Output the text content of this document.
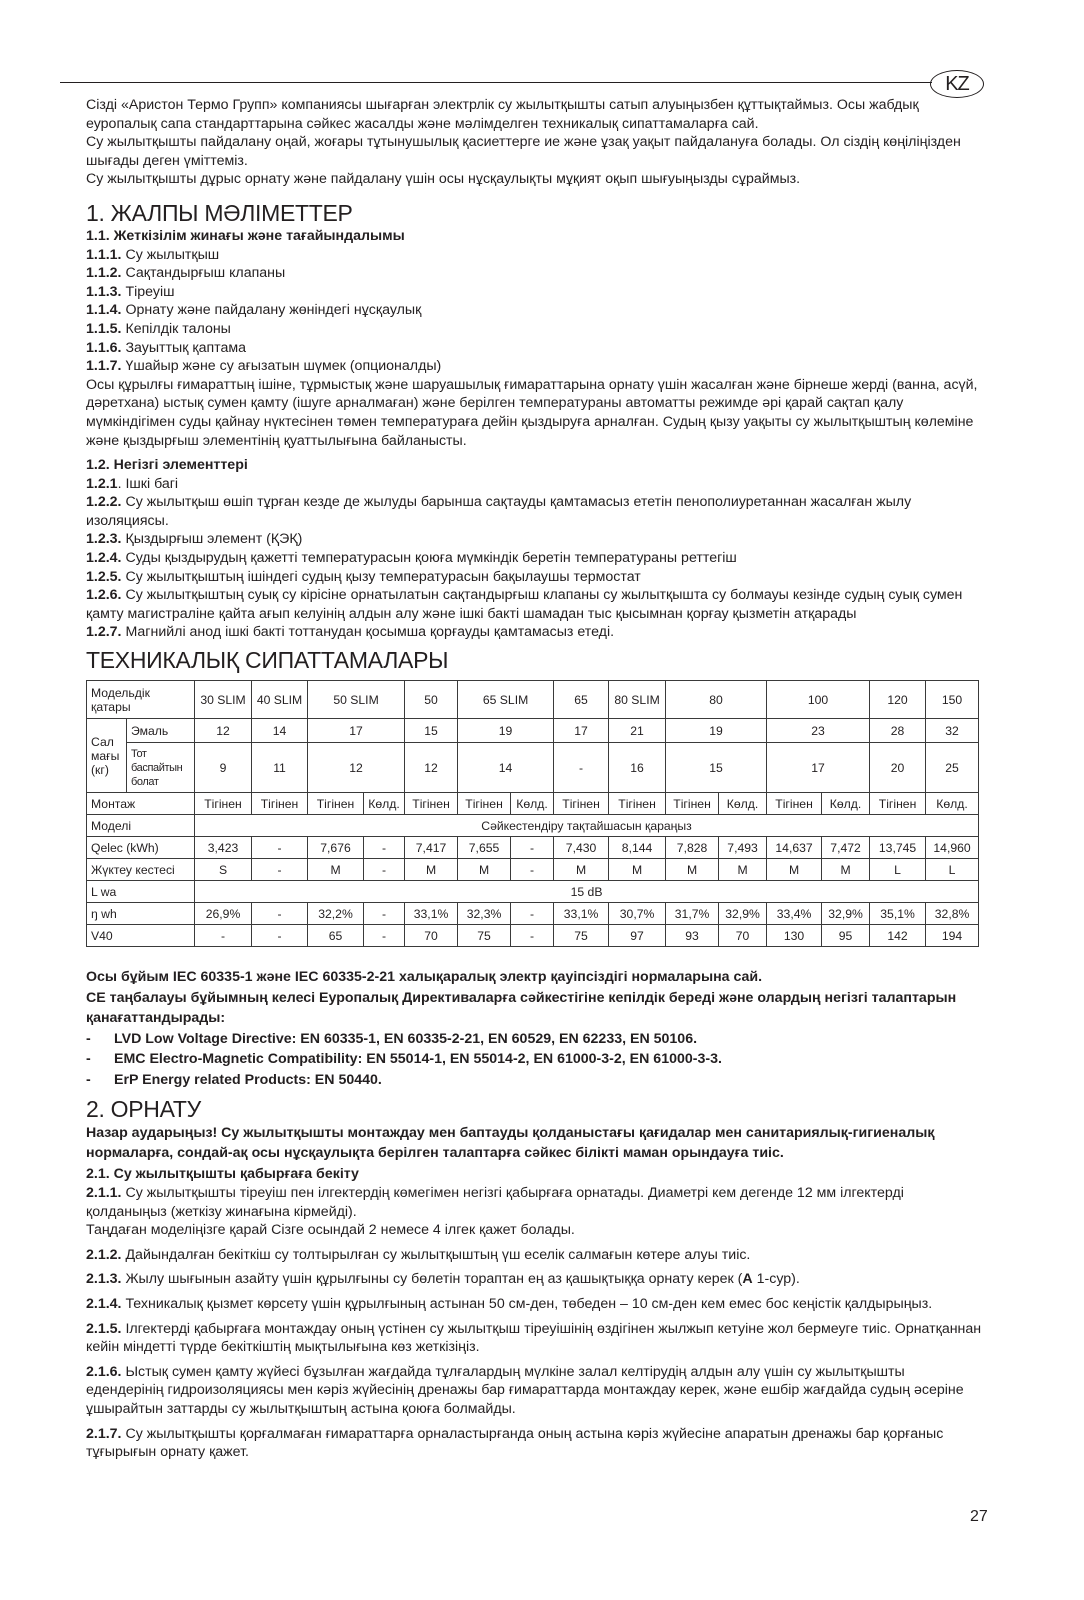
KZ

Сізді «Аристон Термо Групп» компаниясы шығарған электрлік су жылытқышты сатып алуыңызбен құттықтаймыз. Осы жабдық еуропалық сапа стандарттарына сәйкес жасалды және мәлімделген техникалық сипаттамаларға сай.

Су жылытқышты пайдалану оңай, жоғары тұтынушылық қасиеттерге ие және ұзақ уақыт пайдалануға болады. Ол сіздің көңіліңізден шығады деген үміттеміз.

Су жылытқышты дұрыс орнату және пайдалану үшін осы нұсқаулықты мұқият оқып шығуыңызды сұраймыз.

1. ЖАЛПЫ МӘЛІМЕТТЕР

1.1. Жеткізілім жинағы және тағайындалымы

1.1.1. Су жылытқыш

1.1.2. Сақтандырғыш клапаны

1.1.3. Тіреуіш

1.1.4. Орнату және пайдалану жөніндегі нұсқаулық

1.1.5. Кепілдік талоны

1.1.6. Зауыттық қаптама

1.1.7. Үшайыр және су ағызатын шүмек (опционалды)

Осы құрылғы ғимараттың ішіне, тұрмыстық және шаруашылық ғимараттарына орнату үшін жасалған және бірнеше жерді (ванна, асүй, дәретхана) ыстық сумен қамту (ішуге арналмаған) және берілген температураны автоматты режимде әрі қарай сақтап қалу мүмкіндігімен суды қайнау нүктесінен төмен температураға дейін қыздыруға арналған. Судың қызу уақыты су жылытқыштың көлеміне және қыздырғыш элементінің қуаттылығына байланысты.

1.2. Негізгі элементтері

1.2.1. Ішкі багі

1.2.2. Су жылытқыш өшіп тұрған кезде де жылуды барынша сақтауды қамтамасыз ететін пенополиуретаннан жасалған жылу изоляциясы.

1.2.3. Қыздырғыш элемент (ҚЭҚ)

1.2.4. Суды қыздырудың қажетті температурасын қоюға мүмкіндік беретін температураны реттегіш

1.2.5. Су жылытқыштың ішіндегі судың қызу температурасын бақылаушы термостат

1.2.6. Су жылытқыштың суық су кірісіне орнатылатын сақтандырғыш клапаны су жылытқышта су болмауы кезінде судың суық сумен қамту магистраліне қайта ағып келуінің алдын алу және ішкі бакті шамадан тыс қысымнан қорғау қызметін атқарады

1.2.7. Магнийлі анод ішкі бакті тоттанудан қосымша қорғауды қамтамасыз етеді.

ТЕХНИКАЛЫҚ СИПАТТАМАЛАРЫ
Модельдік қатары		30 SLIM	40 SLIM	50 SLIM		50	65 SLIM		65	80 SLIM	80		100		120	150
Сал мағы (кг)	Эмаль	12	14	17		15	19		17	21	19		23		28	32
	Тот баспайтын болат	9	11	12		12	14		-	16	15		17		20	25
Монтаж		Тігінен	Тігінен	Тігінен	Көлд.	Тігінен	Тігінен	Көлд.	Тігінен	Тігінен	Тігінен	Көлд.	Тігінен	Көлд.	Тігінен	Көлд.
Моделі		Сәйкестендіру тақтайшасын қараңыз														
Qelec (kWh)		3,423	-	7,676	-	7,417	7,655	-	7,430	8,144	7,828	7,493	14,637	7,472	13,745	14,960
Жүктеу кестесі		S	-	M	-	M	M	-	M	M	M	M	M	M	L	L
L wa		15 dB														
ŋ wh		26,9%	-	32,2%	-	33,1%	32,3%	-	33,1%	30,7%	31,7%	32,9%	33,4%	32,9%	35,1%	32,8%
V40		-	-	65	-	70	75	-	75	97	93	70	130	95	142	194

Осы бұйым IEC 60335-1 және IEC 60335-2-21 халықаралық электр қауіпсіздігі нормаларына сай.

CE таңбалауы бұйымның келесі Еуропалық Директиваларға сәйкестігіне кепілдік береді және олардың негізгі талаптарын қанағаттандырады:

- LVD Low Voltage Directive: EN 60335-1, EN 60335-2-21, EN 60529, EN 62233, EN 50106.

- EMC Electro-Magnetic Compatibility: EN 55014-1, EN 55014-2, EN 61000-3-2, EN 61000-3-3.

- ErP Energy related Products: EN 50440.

2. ОРНАТУ

Назар аударыңыз! Су жылытқышты монтаждау мен баптауды қолданыстағы қағидалар мен санитариялық-гигиеналық нормаларға, сондай-ақ осы нұсқаулықта берілген талаптарға сәйкес білікті маман орындауға тиіс.

2.1. Су жылытқышты қабырғаға бекіту

2.1.1. Су жылытқышты тіреуіш пен ілгектердің көмегімен негізгі қабырғаға орнатады. Диаметрі кем дегенде 12 мм ілгектерді қолданыңыз (жеткізу жинағына кірмейді).

Таңдаған моделіңізге қарай Сізге осындай 2 немесе 4 ілгек қажет болады.

2.1.2. Дайындалған бекіткіш су толтырылған су жылытқыштың үш еселік салмағын көтере алуы тиіс.

2.1.3. Жылу шығынын азайту үшін құрылғыны су бөлетін тораптан ең аз қашықтыққа орнату керек (A 1-сур).

2.1.4. Техникалық қызмет көрсету үшін құрылғының астынан 50 см-ден, төбеден – 10 см-ден кем емес бос кеңістік қалдырыңыз.

2.1.5. Ілгектерді қабырғаға монтаждау оның үстінен су жылытқыш тіреуішінің өздігінен жылжып кетуіне жол бермеуге тиіс. Орнатқаннан кейін міндетті түрде бекіткіштің мықтылығына көз жеткізіңіз.

2.1.6. Ыстық сумен қамту жүйесі бұзылған жағдайда тұлғалардың мүлкіне залал келтірудің алдын алу үшін су жылытқышты едендерінің гидроизоляциясы мен кәріз жүйесінің дренажы бар ғимараттарда монтаждау керек, және ешбір жағдайда судың әсеріне ұшырайтын заттарды су жылытқыштың астына қоюға болмайды.

2.1.7. Су жылытқышты қорғалмаған ғимараттарға орналастырғанда оның астына кәріз жүйесіне апаратын дренажы бар қорғаныс тұғырығын орнату қажет.

27
